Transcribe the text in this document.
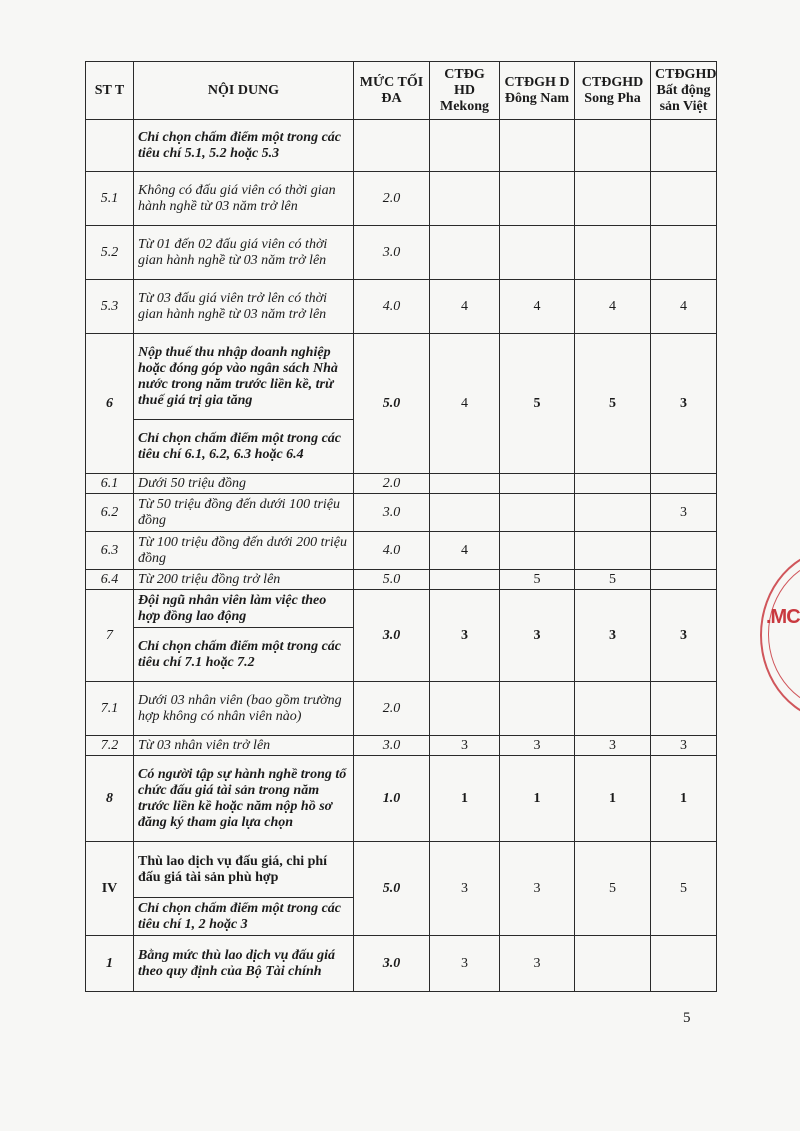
ST T	NỘI DUNG	MỨC TỐI ĐA	CTĐG HD Mekong	CTĐGH D Đông Nam	CTĐGHD Song Pha	CTĐGHD Bất động sản Việt
	Chỉ chọn chấm điểm một trong các tiêu chí 5.1, 5.2 hoặc 5.3					
5.1	Không có đấu giá viên có thời gian hành nghề từ 03 năm trở lên	2.0				
5.2	Từ 01 đến 02 đấu giá viên có thời gian hành nghề từ 03 năm trở lên	3.0				
5.3	Từ 03 đấu giá viên trở lên có thời gian hành nghề từ 03 năm trở lên	4.0	4	4	4	4
6	Nộp thuế thu nhập doanh nghiệp hoặc đóng góp vào ngân sách Nhà nước trong năm trước liền kề, trừ thuế giá trị gia tăng	5.0	4	5	5	3
	Chỉ chọn chấm điểm một trong các tiêu chí 6.1, 6.2, 6.3 hoặc 6.4					
6.1	Dưới 50 triệu đồng	2.0				
6.2	Từ 50 triệu đồng đến dưới 100 triệu đồng	3.0				3
6.3	Từ 100 triệu đồng đến dưới 200 triệu đồng	4.0	4			
6.4	Từ 200 triệu đồng trở lên	5.0		5	5	
7	Đội ngũ nhân viên làm việc theo hợp đồng lao động	3.0	3	3	3	3
	Chỉ chọn chấm điểm một trong các tiêu chí 7.1 hoặc 7.2					
7.1	Dưới 03 nhân viên (bao gồm trường hợp không có nhân viên nào)	2.0				
7.2	Từ 03 nhân viên trở lên	3.0	3	3	3	3
8	Có người tập sự hành nghề trong tổ chức đấu giá tài sản trong năm trước liền kề hoặc năm nộp hồ sơ đăng ký tham gia lựa chọn	1.0	1	1	1	1
IV	Thù lao dịch vụ đấu giá, chi phí đấu giá tài sản phù hợp	5.0	3	3	5	5
	Chỉ chọn chấm điểm một trong các tiêu chí 1, 2 hoặc 3					
1	Bằng mức thù lao dịch vụ đấu giá theo quy định của Bộ Tài chính	3.0	3	3		
.MC
5
